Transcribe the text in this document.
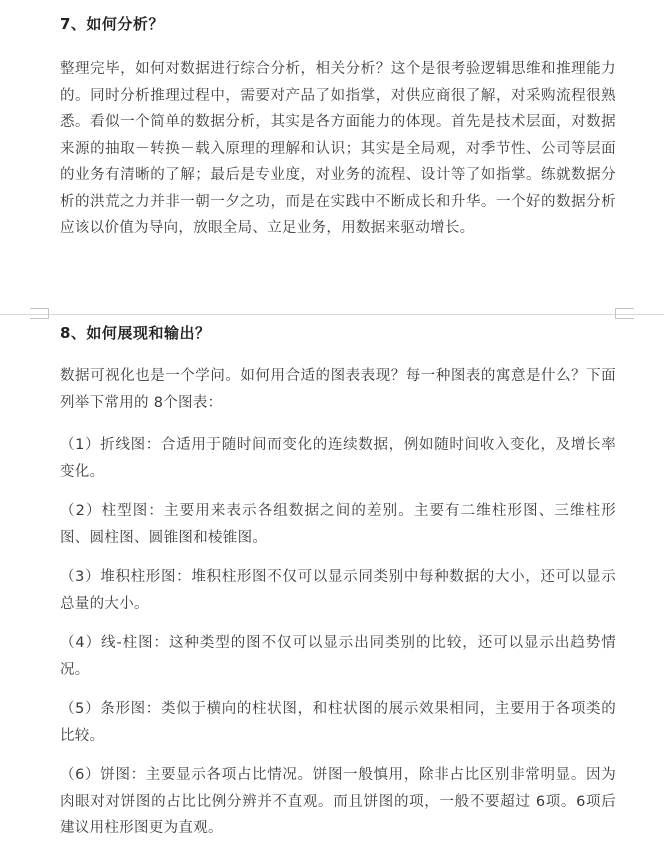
7、如何分析？

整理完毕，如何对数据进行综合分析，相关分析？这个是很考验逻辑思维和推理能力的。同时分析推理过程中，需要对产品了如指掌，对供应商很了解，对采购流程很熟悉。看似一个简单的数据分析，其实是各方面能力的体现。首先是技术层面，对数据来源的抽取－转换－载入原理的理解和认识；其实是全局观，对季节性、公司等层面的业务有清晰的了解；最后是专业度，对业务的流程、设计等了如指掌。练就数据分析的洪荒之力并非一朝一夕之功，而是在实践中不断成长和升华。一个好的数据分析应该以价值为导向，放眼全局、立足业务，用数据来驱动增长。

8、如何展现和输出？

数据可视化也是一个学问。如何用合适的图表表现？每一种图表的寓意是什么？下面列举下常用的 8个图表：

（1）折线图：合适用于随时间而变化的连续数据，例如随时间收入变化，及增长率变化。

（2）柱型图：主要用来表示各组数据之间的差别。主要有二维柱形图、三维柱形图、圆柱图、圆锥图和棱锥图。

（3）堆积柱形图：堆积柱形图不仅可以显示同类别中每种数据的大小，还可以显示总量的大小。

（4）线-柱图：这种类型的图不仅可以显示出同类别的比较，还可以显示出趋势情况。

（5）条形图：类似于横向的柱状图，和柱状图的展示效果相同，主要用于各项类的比较。

（6）饼图：主要显示各项占比情况。饼图一般慎用，除非占比区别非常明显。因为肉眼对对饼图的占比比例分辨并不直观。而且饼图的项，一般不要超过 6项。6项后建议用柱形图更为直观。
